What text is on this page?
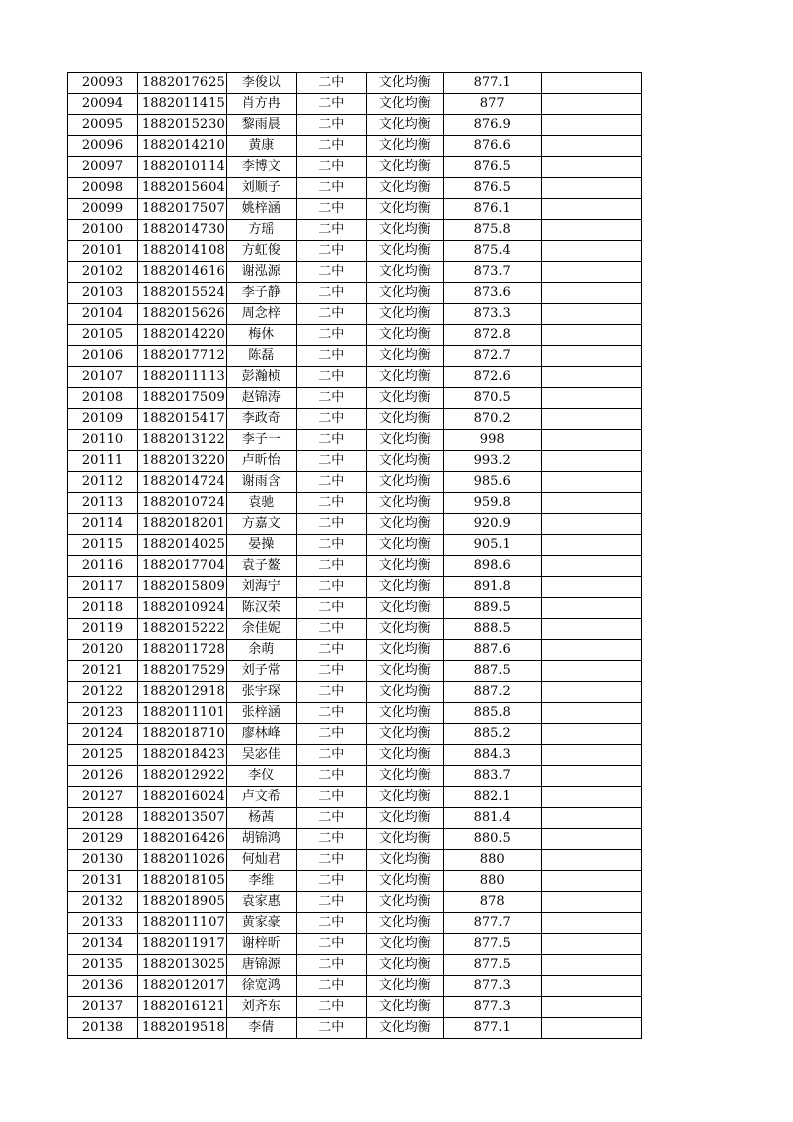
20093	1882017625	李俊以	二中	文化均衡	877.1	
20094	1882011415	肖方冉	二中	文化均衡	877	
20095	1882015230	黎雨晨	二中	文化均衡	876.9	
20096	1882014210	黄康	二中	文化均衡	876.6	
20097	1882010114	李博文	二中	文化均衡	876.5	
20098	1882015604	刘顺子	二中	文化均衡	876.5	
20099	1882017507	姚梓涵	二中	文化均衡	876.1	
20100	1882014730	方瑶	二中	文化均衡	875.8	
20101	1882014108	方虹俊	二中	文化均衡	875.4	
20102	1882014616	谢泓源	二中	文化均衡	873.7	
20103	1882015524	李子静	二中	文化均衡	873.6	
20104	1882015626	周念梓	二中	文化均衡	873.3	
20105	1882014220	梅休	二中	文化均衡	872.8	
20106	1882017712	陈磊	二中	文化均衡	872.7	
20107	1882011113	彭瀚桢	二中	文化均衡	872.6	
20108	1882017509	赵锦涛	二中	文化均衡	870.5	
20109	1882015417	李政奇	二中	文化均衡	870.2	
20110	1882013122	李子一	二中	文化均衡	998	
20111	1882013220	卢昕怡	二中	文化均衡	993.2	
20112	1882014724	谢雨含	二中	文化均衡	985.6	
20113	1882010724	袁驰	二中	文化均衡	959.8	
20114	1882018201	方嘉文	二中	文化均衡	920.9	
20115	1882014025	晏操	二中	文化均衡	905.1	
20116	1882017704	袁子鳌	二中	文化均衡	898.6	
20117	1882015809	刘海宁	二中	文化均衡	891.8	
20118	1882010924	陈汉荣	二中	文化均衡	889.5	
20119	1882015222	余佳妮	二中	文化均衡	888.5	
20120	1882011728	余萌	二中	文化均衡	887.6	
20121	1882017529	刘子常	二中	文化均衡	887.5	
20122	1882012918	张宇琛	二中	文化均衡	887.2	
20123	1882011101	张梓涵	二中	文化均衡	885.8	
20124	1882018710	廖林峰	二中	文化均衡	885.2	
20125	1882018423	吴宓佳	二中	文化均衡	884.3	
20126	1882012922	李仪	二中	文化均衡	883.7	
20127	1882016024	卢文希	二中	文化均衡	882.1	
20128	1882013507	杨茜	二中	文化均衡	881.4	
20129	1882016426	胡锦鸿	二中	文化均衡	880.5	
20130	1882011026	何灿君	二中	文化均衡	880	
20131	1882018105	李维	二中	文化均衡	880	
20132	1882018905	袁家惠	二中	文化均衡	878	
20133	1882011107	黄家豪	二中	文化均衡	877.7	
20134	1882011917	谢梓昕	二中	文化均衡	877.5	
20135	1882013025	唐锦源	二中	文化均衡	877.5	
20136	1882012017	徐宽鸿	二中	文化均衡	877.3	
20137	1882016121	刘齐东	二中	文化均衡	877.3	
20138	1882019518	李倩	二中	文化均衡	877.1	
